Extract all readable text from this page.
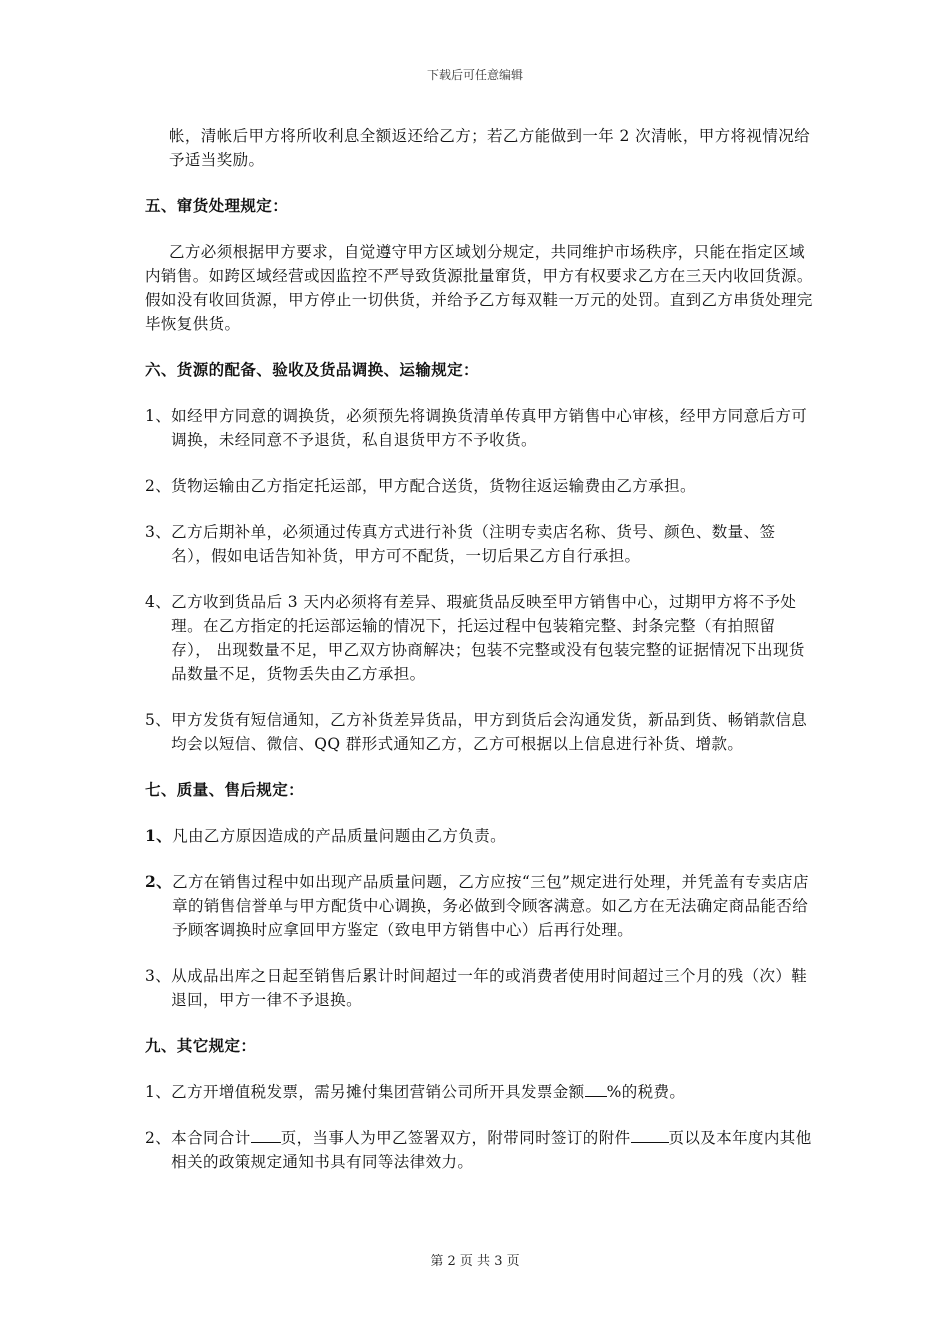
下载后可任意编辑

帐，清帐后甲方将所收利息全额返还给乙方；若乙方能做到一年 2 次清帐，甲方将视情况给予适当奖励。

五、窜货处理规定：

乙方必须根据甲方要求，自觉遵守甲方区域划分规定，共同维护市场秩序，只能在指定区域内销售。如跨区域经营或因监控不严导致货源批量窜货，甲方有权要求乙方在三天内收回货源。假如没有收回货源，甲方停止一切供货，并给予乙方每双鞋一万元的处罚。直到乙方串货处理完毕恢复供货。

六、货源的配备、验收及货品调换、运输规定：

1、 如经甲方同意的调换货，必须预先将调换货清单传真甲方销售中心审核，经甲方同意后方可调换，未经同意不予退货，私自退货甲方不予收货。
2、 货物运输由乙方指定托运部，甲方配合送货，货物往返运输费由乙方承担。
3、 乙方后期补单，必须通过传真方式进行补货（注明专卖店名称、货号、颜色、数量、签名），假如电话告知补货，甲方可不配货，一切后果乙方自行承担。
4、 乙方收到货品后 3 天内必须将有差异、瑕疵货品反映至甲方销售中心，过期甲方将不予处理。在乙方指定的托运部运输的情况下，托运过程中包装箱完整、封条完整（有拍照留存）， 出现数量不足，甲乙双方协商解决；包装不完整或没有包装完整的证据情况下出现货品数量不足，货物丢失由乙方承担。
5、 甲方发货有短信通知，乙方补货差异货品，甲方到货后会沟通发货，新品到货、畅销款信息均会以短信、微信、QQ 群形式通知乙方，乙方可根据以上信息进行补货、增款。

七、质量、售后规定：

1、 凡由乙方原因造成的产品质量问题由乙方负责。
2、 乙方在销售过程中如出现产品质量问题，乙方应按“三包”规定进行处理，并凭盖有专卖店店章的销售信誉单与甲方配货中心调换，务必做到令顾客满意。如乙方在无法确定商品能否给予顾客调换时应拿回甲方鉴定（致电甲方销售中心）后再行处理。
3、 从成品出库之日起至销售后累计时间超过一年的或消费者使用时间超过三个月的残（次）鞋退回，甲方一律不予退换。

九、其它规定：

1、 乙方开增值税发票，需另摊付集团营销公司所开具发票金额 %的税费。
2、 本合同合计 页，当事人为甲乙签署双方，附带同时签订的附件 页以及本年度内其他相关的政策规定通知书具有同等法律效力。
第 2 页 共 3 页
